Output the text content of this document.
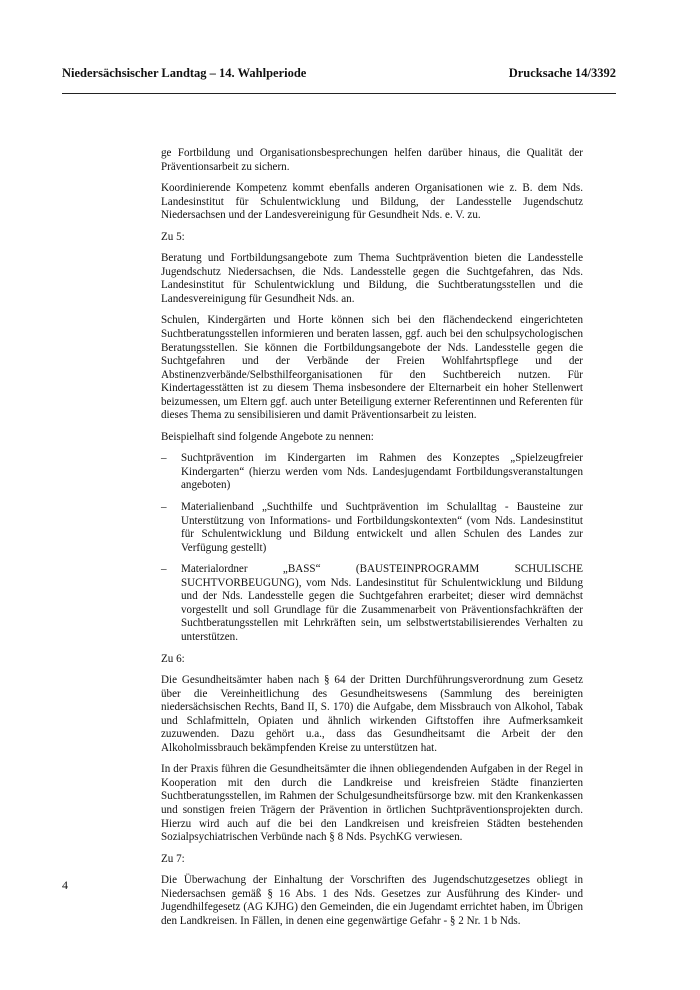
Niedersächsischer Landtag – 14. Wahlperiode	Drucksache 14/3392

ge Fortbildung und Organisationsbesprechungen helfen darüber hinaus, die Qualität der Präventionsarbeit zu sichern.

Koordinierende Kompetenz kommt ebenfalls anderen Organisationen wie z. B. dem Nds. Landesinstitut für Schulentwicklung und Bildung, der Landesstelle Jugendschutz Niedersachsen und der Landesvereinigung für Gesundheit Nds. e. V. zu.

Zu 5:

Beratung und Fortbildungsangebote zum Thema Suchtprävention bieten die Landesstelle Jugendschutz Niedersachsen, die Nds. Landesstelle gegen die Suchtgefahren, das Nds. Landesinstitut für Schulentwicklung und Bildung, die Suchtberatungsstellen und die Landesvereinigung für Gesundheit Nds. an.

Schulen, Kindergärten und Horte können sich bei den flächendeckend eingerichteten Suchtberatungsstellen informieren und beraten lassen, ggf. auch bei den schulpsychologischen Beratungsstellen. Sie können die Fortbildungsangebote der Nds. Landesstelle gegen die Suchtgefahren und der Verbände der Freien Wohlfahrtspflege und der Abstinenzverbände/Selbsthilfeorganisationen für den Suchtbereich nutzen. Für Kindertagesstätten ist zu diesem Thema insbesondere der Elternarbeit ein hoher Stellenwert beizumessen, um Eltern ggf. auch unter Beteiligung externer Referentinnen und Referenten für dieses Thema zu sensibilisieren und damit Präventionsarbeit zu leisten.

Beispielhaft sind folgende Angebote zu nennen:

– Suchtprävention im Kindergarten im Rahmen des Konzeptes „Spielzeugfreier Kindergarten“ (hierzu werden vom Nds. Landesjugendamt Fortbildungsveranstaltungen angeboten)
– Materialienband „Suchthilfe und Suchtprävention im Schulalltag - Bausteine zur Unterstützung von Informations- und Fortbildungskontexten“ (vom Nds. Landesinstitut für Schulentwicklung und Bildung entwickelt und allen Schulen des Landes zur Verfügung gestellt)
– Materialordner „BASS“ (BAUSTEINPROGRAMM SCHULISCHE SUCHTVORBEUGUNG), vom Nds. Landesinstitut für Schulentwicklung und Bildung und der Nds. Landesstelle gegen die Suchtgefahren erarbeitet; dieser wird demnächst vorgestellt und soll Grundlage für die Zusammenarbeit von Präventionsfachkräften der Suchtberatungsstellen mit Lehrkräften sein, um selbstwertstabilisierendes Verhalten zu unterstützen.

Zu 6:

Die Gesundheitsämter haben nach § 64 der Dritten Durchführungsverordnung zum Gesetz über die Vereinheitlichung des Gesundheitswesens (Sammlung des bereinigten niedersächsischen Rechts, Band II, S. 170) die Aufgabe, dem Missbrauch von Alkohol, Tabak und Schlafmitteln, Opiaten und ähnlich wirkenden Giftstoffen ihre Aufmerksamkeit zuzuwenden. Dazu gehört u.a., dass das Gesundheitsamt die Arbeit der den Alkoholmissbrauch bekämpfenden Kreise zu unterstützen hat.

In der Praxis führen die Gesundheitsämter die ihnen obliegendenden Aufgaben in der Regel in Kooperation mit den durch die Landkreise und kreisfreien Städte finanzierten Suchtberatungsstellen, im Rahmen der Schulgesundheitsfürsorge bzw. mit den Krankenkassen und sonstigen freien Trägern der Prävention in örtlichen Suchtpräventionsprojekten durch. Hierzu wird auch auf die bei den Landkreisen und kreisfreien Städten bestehenden Sozialpsychiatrischen Verbünde nach § 8 Nds. PsychKG verwiesen.

Zu 7:

Die Überwachung der Einhaltung der Vorschriften des Jugendschutzgesetzes obliegt in Niedersachsen gemäß § 16 Abs. 1 des Nds. Gesetzes zur Ausführung des Kinder- und Jugendhilfegesetz (AG KJHG) den Gemeinden, die ein Jugendamt errichtet haben, im Übrigen den Landkreisen. In Fällen, in denen eine gegenwärtige Gefahr - § 2 Nr. 1 b Nds.

4
